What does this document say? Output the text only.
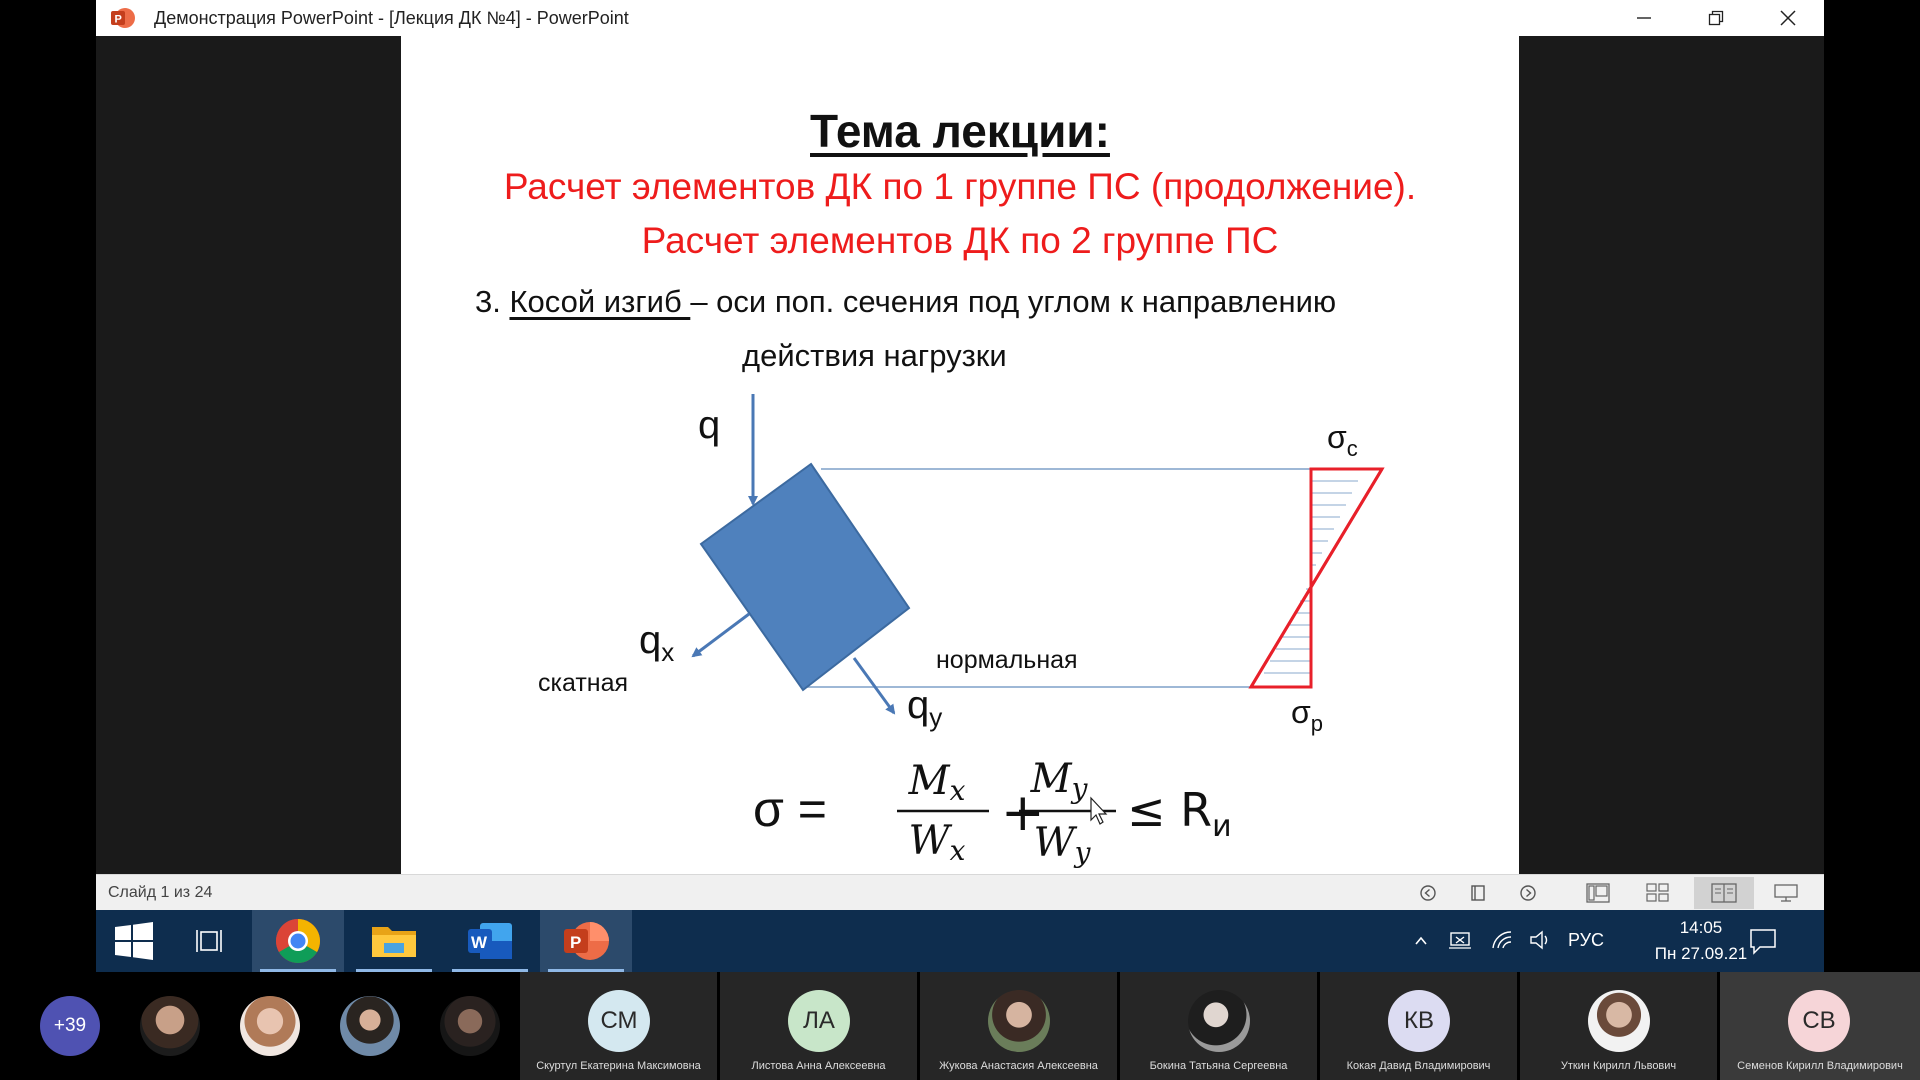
P Демонстрация PowerPoint - [Лекция ДК №4] - PowerPoint
Тема лекции:
Расчет элементов ДК по 1 группе ПС (продолжение).
Расчет элементов ДК по 2 группе ПС
3. Косой изгиб – оси поп. сечения под углом к направлению
действия нагрузки
q
$q_x$
скатная	$q_y$
нормальная
$\sigma_c$
$\sigma_p$
σ = Mx
Wx
+
My
Wy
≤ $R_и$
Слайд 1 из 24
W	P	РУС
14:05
Пн 27.09.21
+39	СМ
Скуртул Екатерина Максимовна
ЛА
Листова Анна Алексеевна	Жукова Анастасия Алексеевна	Бокина Татьяна Сергеевна
КВ
Кокая Давид Владимирович	Уткин Кирилл Львович
СВ
Семенов Кирилл Владимирович
